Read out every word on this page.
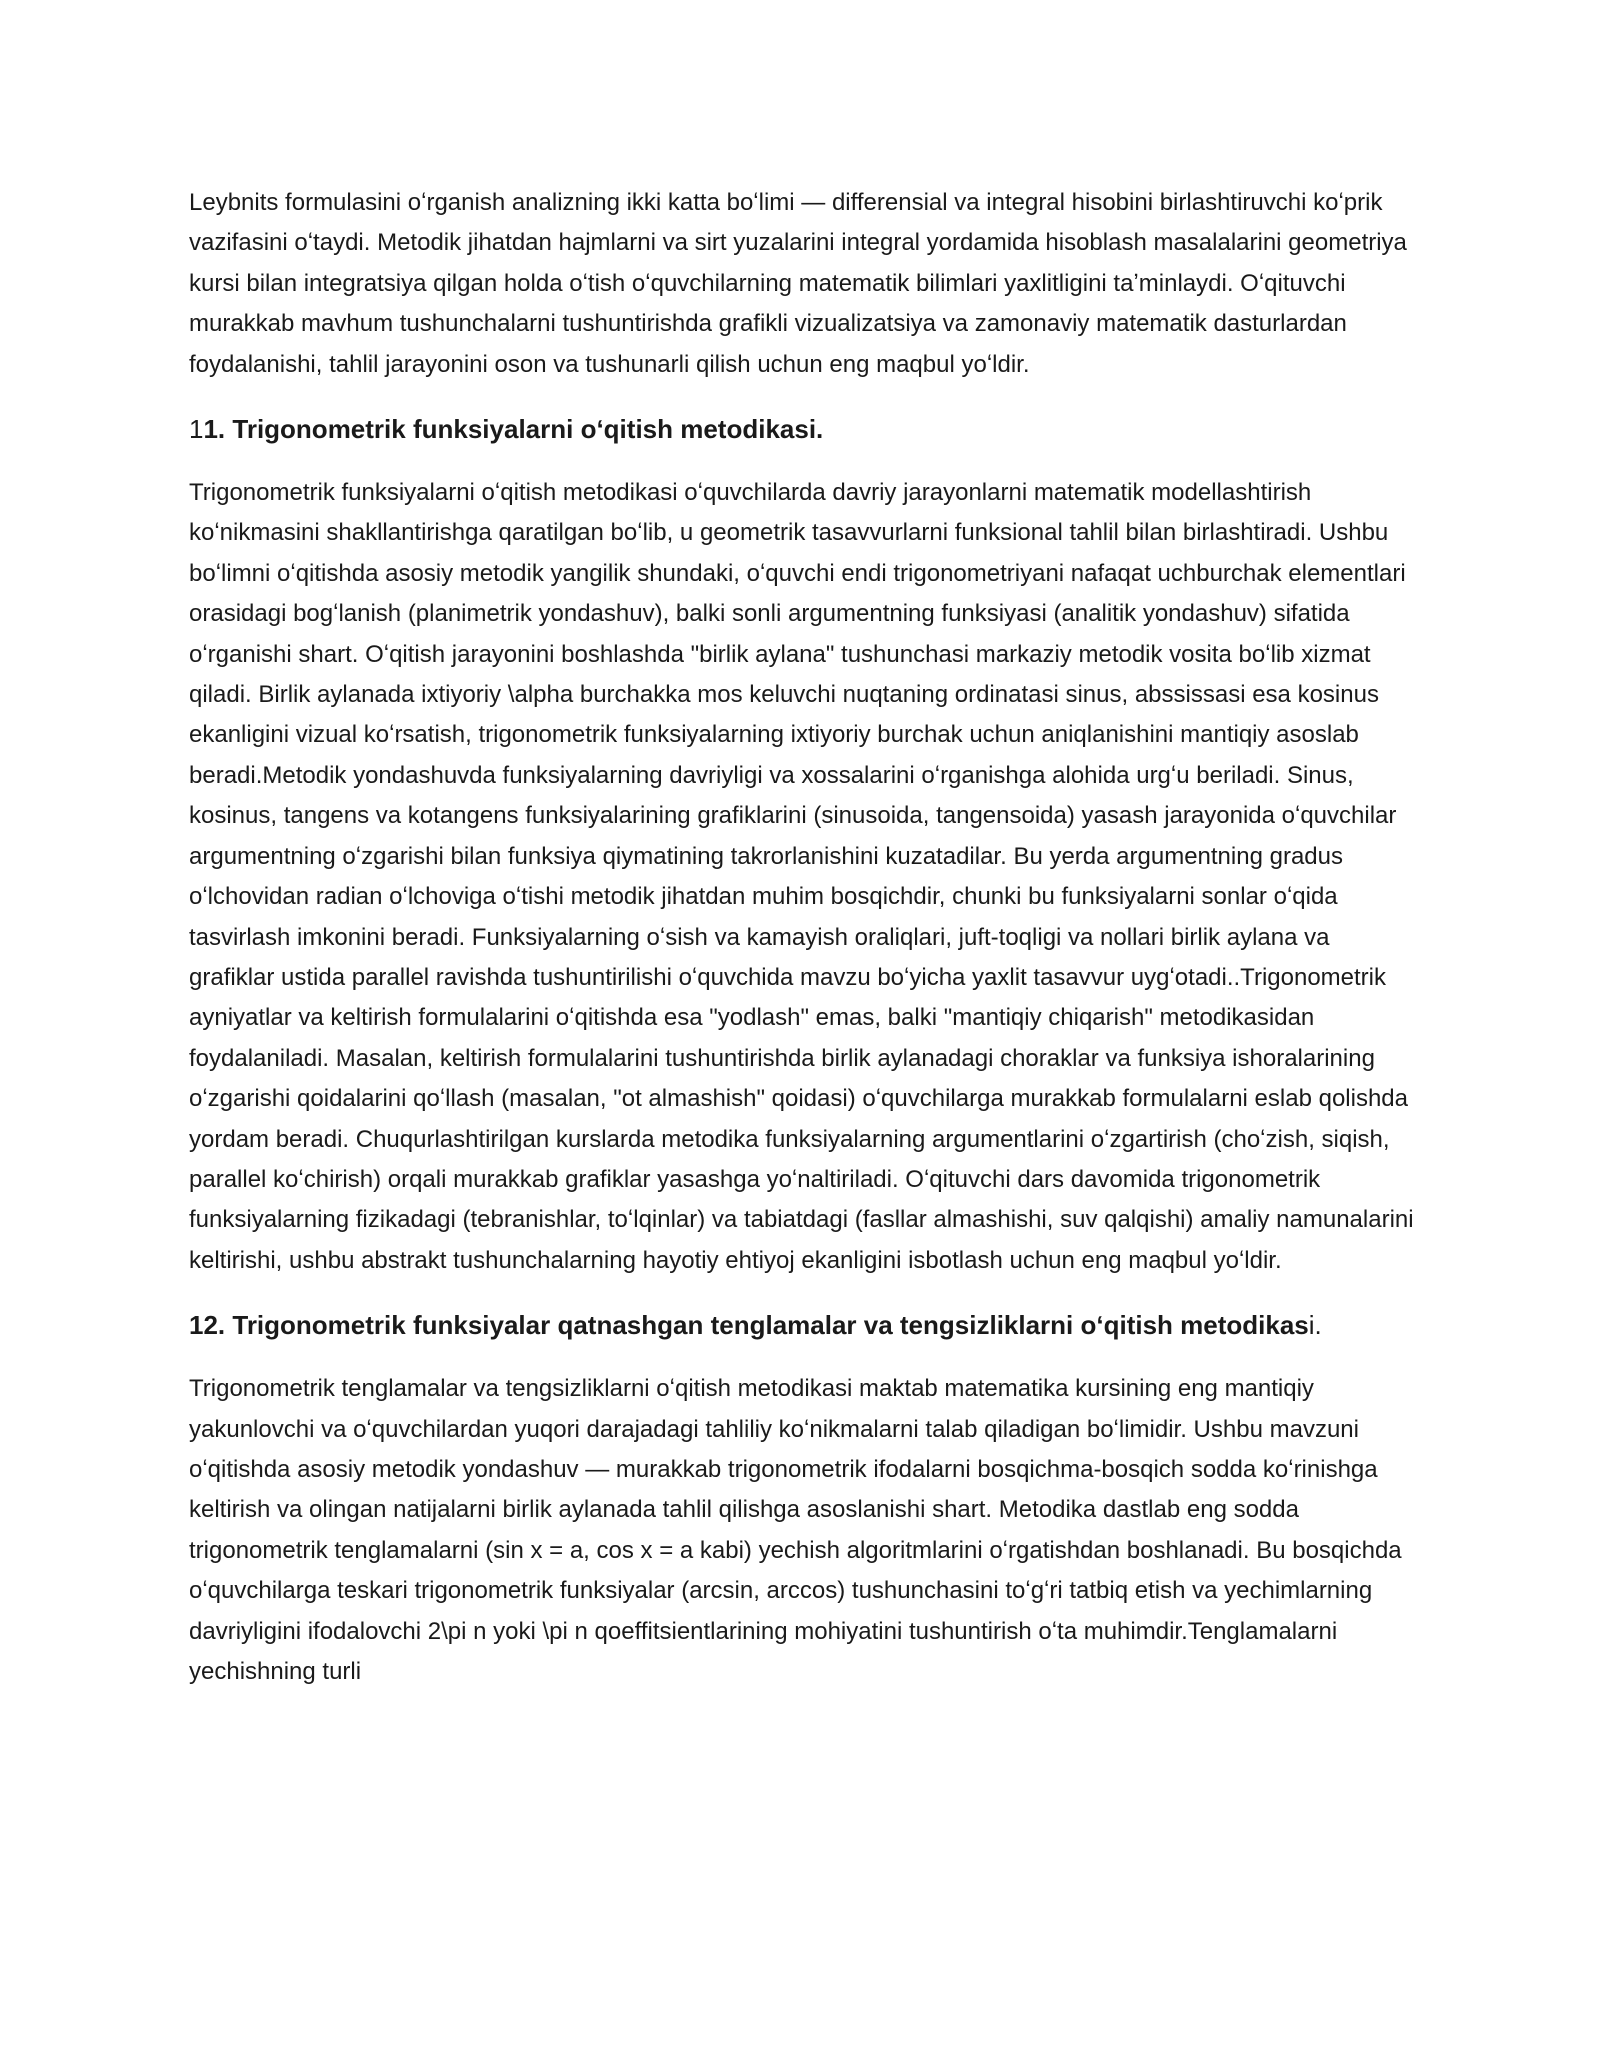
Leybnits formulasini oʻrganish analizning ikki katta boʻlimi — differensial va integral hisobini birlashtiruvchi koʻprik vazifasini oʻtaydi. Metodik jihatdan hajmlarni va sirt yuzalarini integral yordamida hisoblash masalalarini geometriya kursi bilan integratsiya qilgan holda oʻtish oʻquvchilarning matematik bilimlari yaxlitligini taʼminlaydi. Oʻqituvchi murakkab mavhum tushunchalarni tushuntirishda grafikli vizualizatsiya va zamonaviy matematik dasturlardan foydalanishi, tahlil jarayonini oson va tushunarli qilish uchun eng maqbul yoʻldir.

11. Trigonometrik funksiyalarni oʻqitish metodikasi.

Trigonometrik funksiyalarni oʻqitish metodikasi oʻquvchilarda davriy jarayonlarni matematik modellashtirish koʻnikmasini shakllantirishga qaratilgan boʻlib, u geometrik tasavvurlarni funksional tahlil bilan birlashtiradi. Ushbu boʻlimni oʻqitishda asosiy metodik yangilik shundaki, oʻquvchi endi trigonometriyani nafaqat uchburchak elementlari orasidagi bogʻlanish (planimetrik yondashuv), balki sonli argumentning funksiyasi (analitik yondashuv) sifatida oʻrganishi shart. Oʻqitish jarayonini boshlashda "birlik aylana" tushunchasi markaziy metodik vosita boʻlib xizmat qiladi. Birlik aylanada ixtiyoriy \alpha burchakka mos keluvchi nuqtaning ordinatasi sinus, abssissasi esa kosinus ekanligini vizual koʻrsatish, trigonometrik funksiyalarning ixtiyoriy burchak uchun aniqlanishini mantiqiy asoslab beradi.Metodik yondashuvda funksiyalarning davriyligi va xossalarini oʻrganishga alohida urgʻu beriladi. Sinus, kosinus, tangens va kotangens funksiyalarining grafiklarini (sinusoida, tangensoida) yasash jarayonida oʻquvchilar argumentning oʻzgarishi bilan funksiya qiymatining takrorlanishini kuzatadilar. Bu yerda argumentning gradus oʻlchovidan radian oʻlchoviga oʻtishi metodik jihatdan muhim bosqichdir, chunki bu funksiyalarni sonlar oʻqida tasvirlash imkonini beradi. Funksiyalarning oʻsish va kamayish oraliqlari, juft-toqligi va nollari birlik aylana va grafiklar ustida parallel ravishda tushuntirilishi oʻquvchida mavzu boʻyicha yaxlit tasavvur uygʻotadi..Trigonometrik ayniyatlar va keltirish formulalarini oʻqitishda esa "yodlash" emas, balki "mantiqiy chiqarish" metodikasidan foydalaniladi. Masalan, keltirish formulalarini tushuntirishda birlik aylanadagi choraklar va funksiya ishoralarining oʻzgarishi qoidalarini qoʻllash (masalan, "ot almashish" qoidasi) oʻquvchilarga murakkab formulalarni eslab qolishda yordam beradi. Chuqurlashtirilgan kurslarda metodika funksiyalarning argumentlarini oʻzgartirish (choʻzish, siqish, parallel koʻchirish) orqali murakkab grafiklar yasashga yoʻnaltiriladi. Oʻqituvchi dars davomida trigonometrik funksiyalarning fizikadagi (tebranishlar, toʻlqinlar) va tabiatdagi (fasllar almashishi, suv qalqishi) amaliy namunalarini keltirishi, ushbu abstrakt tushunchalarning hayotiy ehtiyoj ekanligini isbotlash uchun eng maqbul yoʻldir.

12. Trigonometrik funksiyalar qatnashgan tenglamalar va tengsizliklarni oʻqitish metodikasi.

Trigonometrik tenglamalar va tengsizliklarni oʻqitish metodikasi maktab matematika kursining eng mantiqiy yakunlovchi va oʻquvchilardan yuqori darajadagi tahliliy koʻnikmalarni talab qiladigan boʻlimidir. Ushbu mavzuni oʻqitishda asosiy metodik yondashuv — murakkab trigonometrik ifodalarni bosqichma-bosqich sodda koʻrinishga keltirish va olingan natijalarni birlik aylanada tahlil qilishga asoslanishi shart. Metodika dastlab eng sodda trigonometrik tenglamalarni (sin x = a, cos x = a kabi) yechish algoritmlarini oʻrgatishdan boshlanadi. Bu bosqichda oʻquvchilarga teskari trigonometrik funksiyalar (arcsin, arccos) tushunchasini toʻgʻri tatbiq etish va yechimlarning davriyligini ifodalovchi 2\pi n yoki \pi n qoeffitsientlarining mohiyatini tushuntirish oʻta muhimdir.Tenglamalarni yechishning turli
